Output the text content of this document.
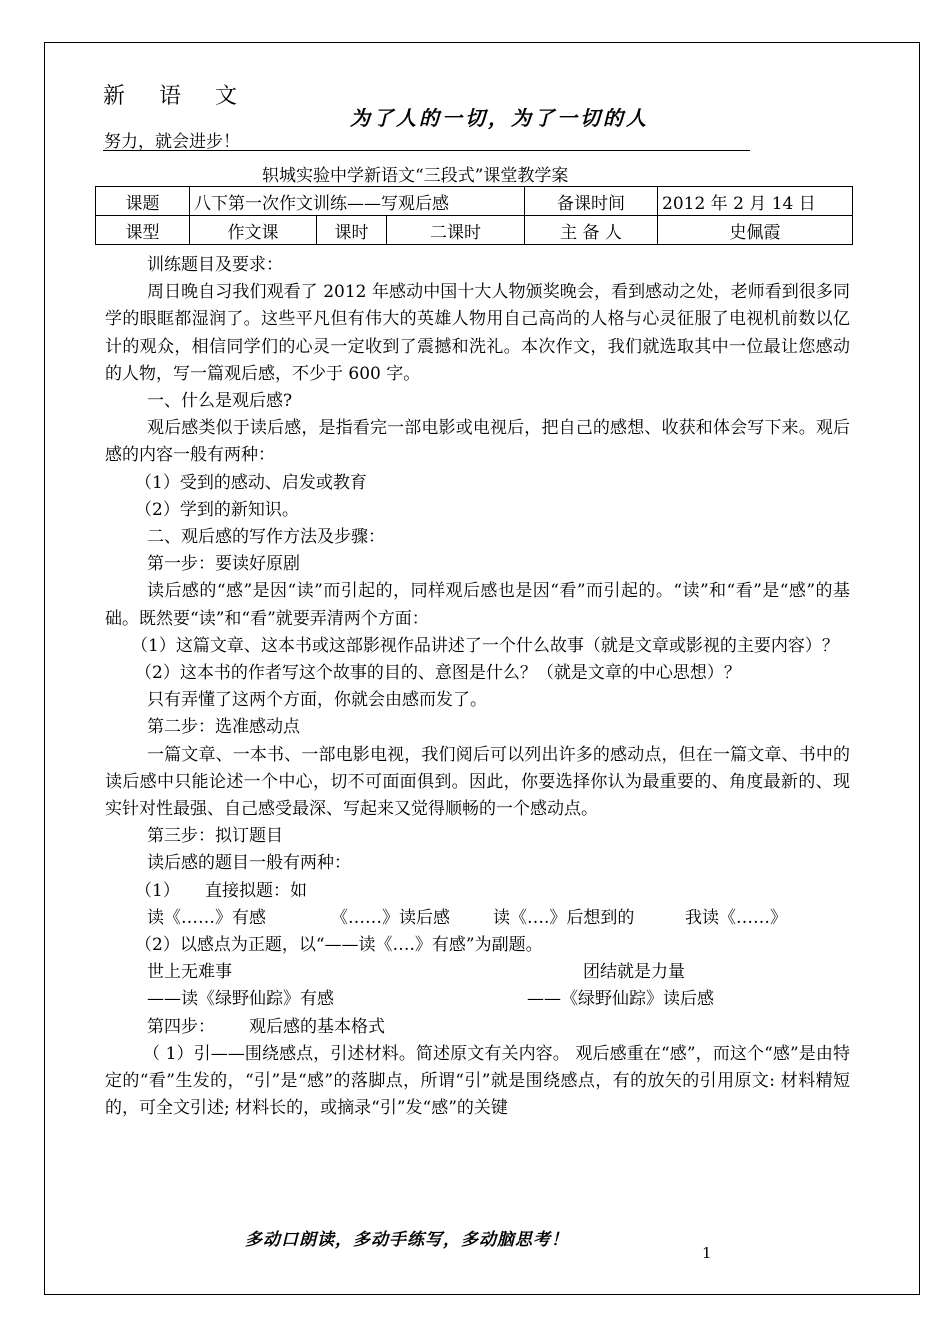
新语文
为了人的一切，为了一切的人
努力，就会进步！
轵城实验中学新语文“三段式”课堂教学案
课题	八下第一次作文训练——写观后感			备课时间	2012 年 2 月 14 日
课型	作文课	课时	二课时	主 备 人	史佩霞

训练题目及要求：

周日晚自习我们观看了 2012 年感动中国十大人物颁奖晚会，看到感动之处，老师看到很多同学的眼眶都湿润了。这些平凡但有伟大的英雄人物用自己高尚的人格与心灵征服了电视机前数以亿计的观众，相信同学们的心灵一定收到了震撼和洗礼。本次作文，我们就选取其中一位最让您感动的人物，写一篇观后感，不少于 600 字。

一、什么是观后感?

观后感类似于读后感，是指看完一部电影或电视后，把自己的感想、收获和体会写下来。观后感的内容一般有两种：

（1）受到的感动、启发或教育

（2）学到的新知识。

二、观后感的写作方法及步骤：

第一步：要读好原剧

读后感的“感”是因“读”而引起的，同样观后感也是因“看”而引起的。“读”和“看”是“感”的基础。既然要“读”和“看”就要弄清两个方面：

（1）这篇文章、这本书或这部影视作品讲述了一个什么故事（就是文章或影视的主要内容）？

（2）这本书的作者写这个故事的目的、意图是什么？（就是文章的中心思想）？

只有弄懂了这两个方面，你就会由感而发了。

第二步：选准感动点

一篇文章、一本书、一部电影电视，我们阅后可以列出许多的感动点，但在一篇文章、书中的读后感中只能论述一个中心，切不可面面俱到。因此，你要选择你认为最重要的、角度最新的、现实针对性最强、自己感受最深、写起来又觉得顺畅的一个感动点。

第三步：拟订题目

读后感的题目一般有两种：

（1）	直接拟题：如
读《……》有感	《……》读后感	读《….》后想到的	我读《……》

（2）以感点为正题，以“——读《….》有感”为副题。

世上无难事	团结就是力量
——读《绿野仙踪》有感	——《绿野仙踪》读后感
第四步：	观后感的基本格式

（ 1）引——围绕感点，引述材料。简述原文有关内容。 观后感重在“感”，而这个“感”是由特定的“看”生发的，“引”是“感”的落脚点，所谓“引”就是围绕感点，有的放矢的引用原文: 材料精短的，可全文引述; 材料长的，或摘录“引”发“感”的关键

多动口朗读，多动手练写，多动脑思考！
1
